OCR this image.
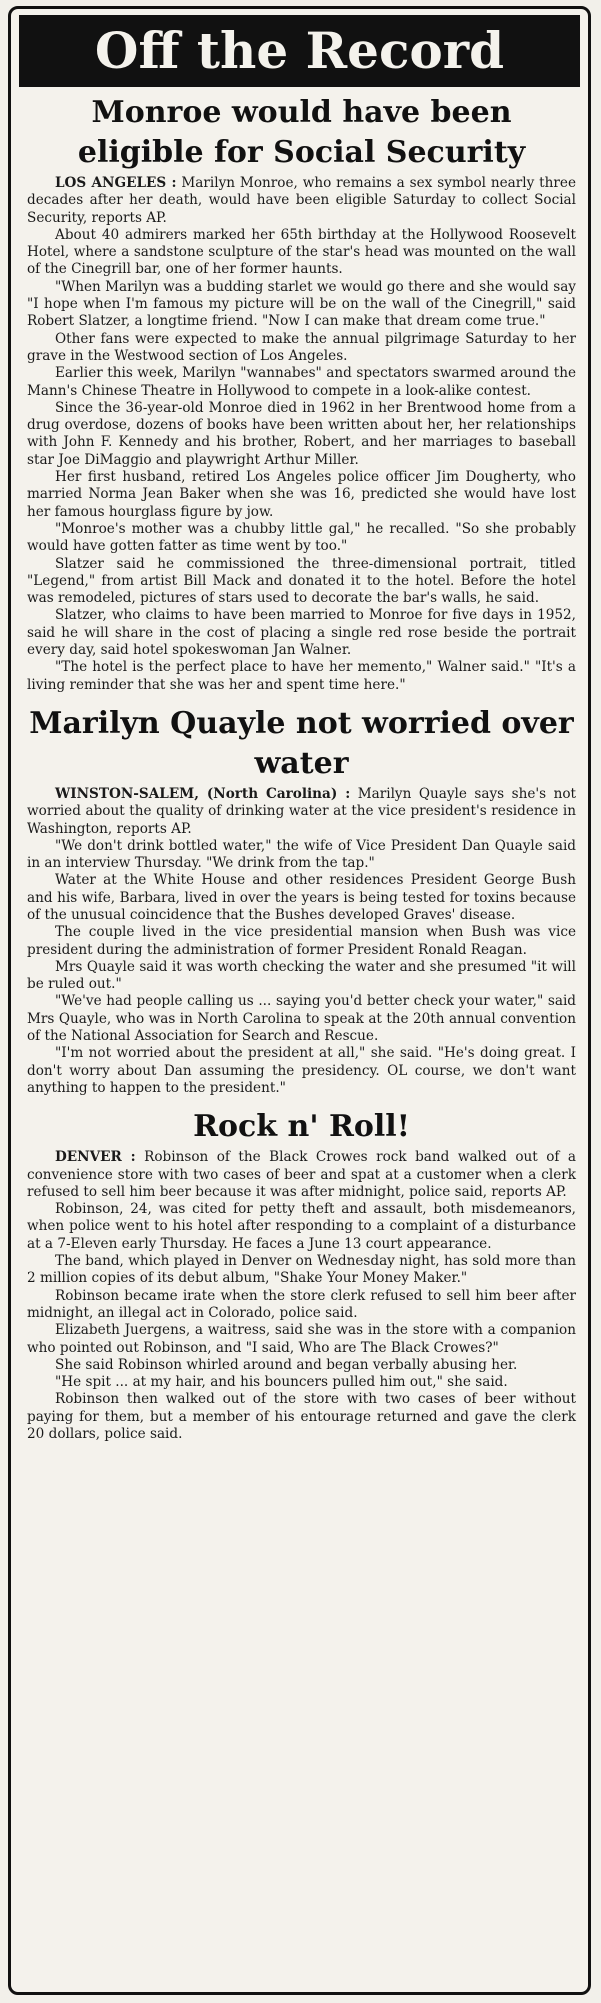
Off the Record
Monroe would have been eligible for Social Security

LOS ANGELES : Marilyn Monroe, who remains a sex symbol nearly three decades after her death, would have been eligible Saturday to collect Social Security, reports AP.

About 40 admirers marked her 65th birthday at the Hollywood Roosevelt Hotel, where a sandstone sculpture of the star's head was mounted on the wall of the Cinegrill bar, one of her former haunts.

"When Marilyn was a budding starlet we would go there and she would say "I hope when I'm famous my picture will be on the wall of the Cinegrill," said Robert Slatzer, a longtime friend. "Now I can make that dream come true."

Other fans were expected to make the annual pilgrimage Saturday to her grave in the Westwood section of Los Angeles.

Earlier this week, Marilyn "wannabes" and spectators swarmed around the Mann's Chinese Theatre in Hollywood to compete in a look-alike contest.

Since the 36-year-old Monroe died in 1962 in her Brentwood home from a drug overdose, dozens of books have been written about her, her relationships with John F. Kennedy and his brother, Robert, and her marriages to baseball star Joe DiMaggio and playwright Arthur Miller.

Her first husband, retired Los Angeles police officer Jim Dougherty, who married Norma Jean Baker when she was 16, predicted she would have lost her famous hourglass figure by jow.

"Monroe's mother was a chubby little gal," he recalled. "So she probably would have gotten fatter as time went by too."

Slatzer said he commissioned the three-dimensional portrait, titled "Legend," from artist Bill Mack and donated it to the hotel. Before the hotel was remodeled, pictures of stars used to decorate the bar's walls, he said.

Slatzer, who claims to have been married to Monroe for five days in 1952, said he will share in the cost of placing a single red rose beside the portrait every day, said hotel spokeswoman Jan Walner.

"The hotel is the perfect place to have her memento," Walner said." "It's a living reminder that she was her and spent time here."

Marilyn Quayle not worried over water

WINSTON-SALEM, (North Carolina) : Marilyn Quayle says she's not worried about the quality of drinking water at the vice president's residence in Washington, reports AP.

"We don't drink bottled water," the wife of Vice President Dan Quayle said in an interview Thursday. "We drink from the tap."

Water at the White House and other residences President George Bush and his wife, Barbara, lived in over the years is being tested for toxins because of the unusual coincidence that the Bushes developed Graves' disease.

The couple lived in the vice presidential mansion when Bush was vice president during the administration of former President Ronald Reagan.

Mrs Quayle said it was worth checking the water and she presumed "it will be ruled out."

"We've had people calling us ... saying you'd better check your water," said Mrs Quayle, who was in North Carolina to speak at the 20th annual convention of the National Association for Search and Rescue.

"I'm not worried about the president at all," she said. "He's doing great. I don't worry about Dan assuming the presidency. OL course, we don't want anything to happen to the president."

Rock n' Roll!

DENVER : Robinson of the Black Crowes rock band walked out of a convenience store with two cases of beer and spat at a customer when a clerk refused to sell him beer because it was after midnight, police said, reports AP.

Robinson, 24, was cited for petty theft and assault, both misdemeanors, when police went to his hotel after responding to a complaint of a disturbance at a 7-Eleven early Thursday. He faces a June 13 court appearance.

The band, which played in Denver on Wednesday night, has sold more than 2 million copies of its debut album, "Shake Your Money Maker."

Robinson became irate when the store clerk refused to sell him beer after midnight, an illegal act in Colorado, police said.

Elizabeth Juergens, a waitress, said she was in the store with a companion who pointed out Robinson, and "I said, Who are The Black Crowes?"

She said Robinson whirled around and began verbally abusing her.

"He spit ... at my hair, and his bouncers pulled him out," she said.

Robinson then walked out of the store with two cases of beer without paying for them, but a member of his entourage returned and gave the clerk 20 dollars, police said.
